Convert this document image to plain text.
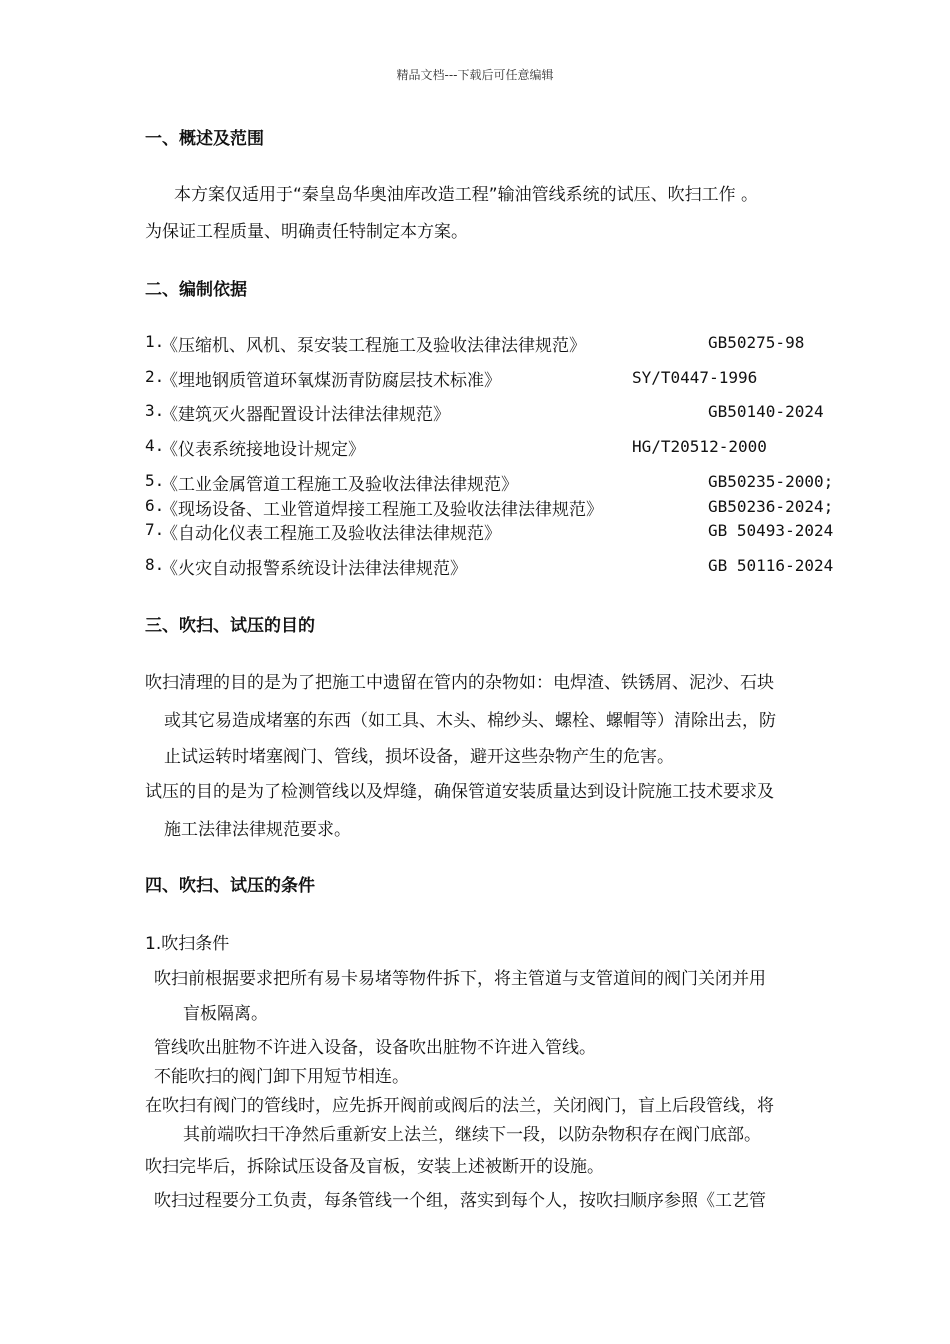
精品文档---下载后可任意编辑
一、概述及范围
本方案仅适用于“秦皇岛华奥油库改造工程”输油管线系统的试压、吹扫工作 。
为保证工程质量、明确责任特制定本方案。
二、编制依据
1.
《压缩机、风机、泵安装工程施工及验收法律法律规范》	GB50275-98
2.
《埋地钢质管道环氧煤沥青防腐层技术标准》	SY/T0447-1996
3.
《建筑灭火器配置设计法律法律规范》	GB50140-2024
4.
《仪表系统接地设计规定》	HG/T20512-2000
5.
《工业金属管道工程施工及验收法律法律规范》	GB50235-2000;
6.
《现场设备、工业管道焊接工程施工及验收法律法律规范》	GB50236-2024;
7.
《自动化仪表工程施工及验收法律法律规范》	GB 50493-2024
8.
《火灾自动报警系统设计法律法律规范》	GB 50116-2024
三、吹扫、试压的目的
吹扫清理的目的是为了把施工中遗留在管内的杂物如：电焊渣、铁锈屑、泥沙、石块
或其它易造成堵塞的东西（如工具、木头、棉纱头、螺栓、螺帽等）清除出去，防
止试运转时堵塞阀门、管线，损坏设备，避开这些杂物产生的危害。
试压的目的是为了检测管线以及焊缝，确保管道安装质量达到设计院施工技术要求及
施工法律法律规范要求。
四、吹扫、试压的条件
1.吹扫条件
吹扫前根据要求把所有易卡易堵等物件拆下，将主管道与支管道间的阀门关闭并用
盲板隔离。
管线吹出脏物不许进入设备，设备吹出脏物不许进入管线。
不能吹扫的阀门卸下用短节相连。
在吹扫有阀门的管线时，应先拆开阀前或阀后的法兰，关闭阀门，盲上后段管线，将
其前端吹扫干净然后重新安上法兰，继续下一段，以防杂物积存在阀门底部。
吹扫完毕后，拆除试压设备及盲板，安装上述被断开的设施。
吹扫过程要分工负责，每条管线一个组，落实到每个人，按吹扫顺序参照《工艺管
